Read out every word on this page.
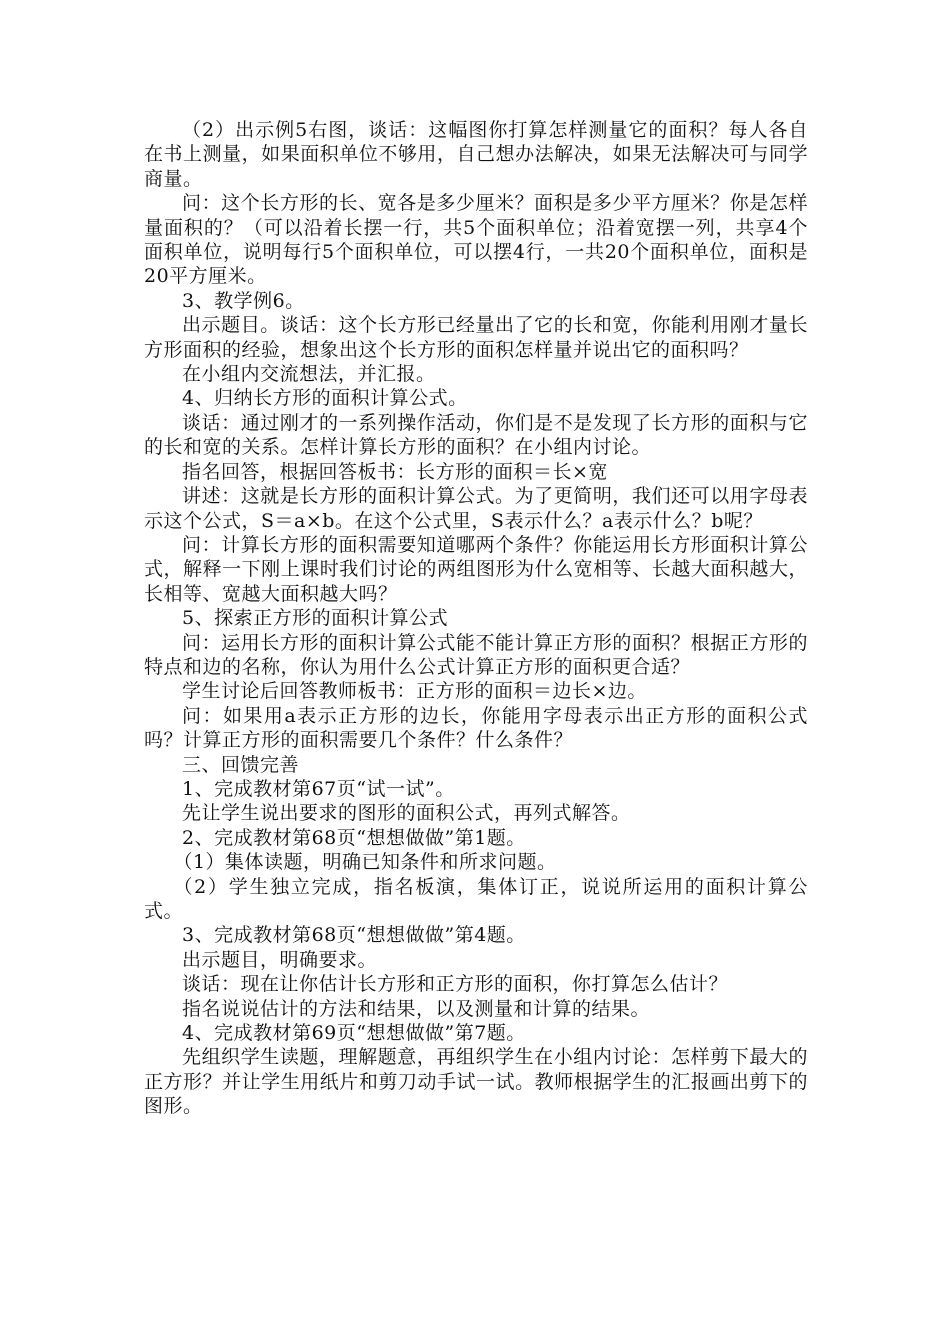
（2）出示例5右图，谈话：这幅图你打算怎样测量它的面积？每人各自在书上测量，如果面积单位不够用，自己想办法解决，如果无法解决可与同学商量。

问：这个长方形的长、宽各是多少厘米？面积是多少平方厘米？你是怎样量面积的？（可以沿着长摆一行，共5个面积单位；沿着宽摆一列，共享4个面积单位，说明每行5个面积单位，可以摆4行，一共20个面积单位，面积是20平方厘米。

3、教学例6。

出示题目。谈话：这个长方形已经量出了它的长和宽，你能利用刚才量长方形面积的经验，想象出这个长方形的面积怎样量并说出它的面积吗？

在小组内交流想法，并汇报。

4、归纳长方形的面积计算公式。

谈话：通过刚才的一系列操作活动，你们是不是发现了长方形的面积与它的长和宽的关系。怎样计算长方形的面积？在小组内讨论。

指名回答，根据回答板书：长方形的面积＝长×宽

讲述：这就是长方形的面积计算公式。为了更简明，我们还可以用字母表示这个公式，S＝a×b。在这个公式里，S表示什么？a表示什么？b呢？

问：计算长方形的面积需要知道哪两个条件？你能运用长方形面积计算公式，解释一下刚上课时我们讨论的两组图形为什么宽相等、长越大面积越大，长相等、宽越大面积越大吗？

5、探索正方形的面积计算公式

问：运用长方形的面积计算公式能不能计算正方形的面积？根据正方形的特点和边的名称，你认为用什么公式计算正方形的面积更合适？

学生讨论后回答教师板书：正方形的面积＝边长×边。

问：如果用a表示正方形的边长，你能用字母表示出正方形的面积公式吗？计算正方形的面积需要几个条件？什么条件？

三、回馈完善

1、完成教材第67页“试一试”。

先让学生说出要求的图形的面积公式，再列式解答。

2、完成教材第68页“想想做做”第1题。

（1）集体读题，明确已知条件和所求问题。

（2）学生独立完成，指名板演，集体订正，说说所运用的面积计算公式。

3、完成教材第68页“想想做做”第4题。

出示题目，明确要求。

谈话：现在让你估计长方形和正方形的面积，你打算怎么估计？

指名说说估计的方法和结果，以及测量和计算的结果。

4、完成教材第69页“想想做做”第7题。

先组织学生读题，理解题意，再组织学生在小组内讨论：怎样剪下最大的正方形？并让学生用纸片和剪刀动手试一试。教师根据学生的汇报画出剪下的图形。
